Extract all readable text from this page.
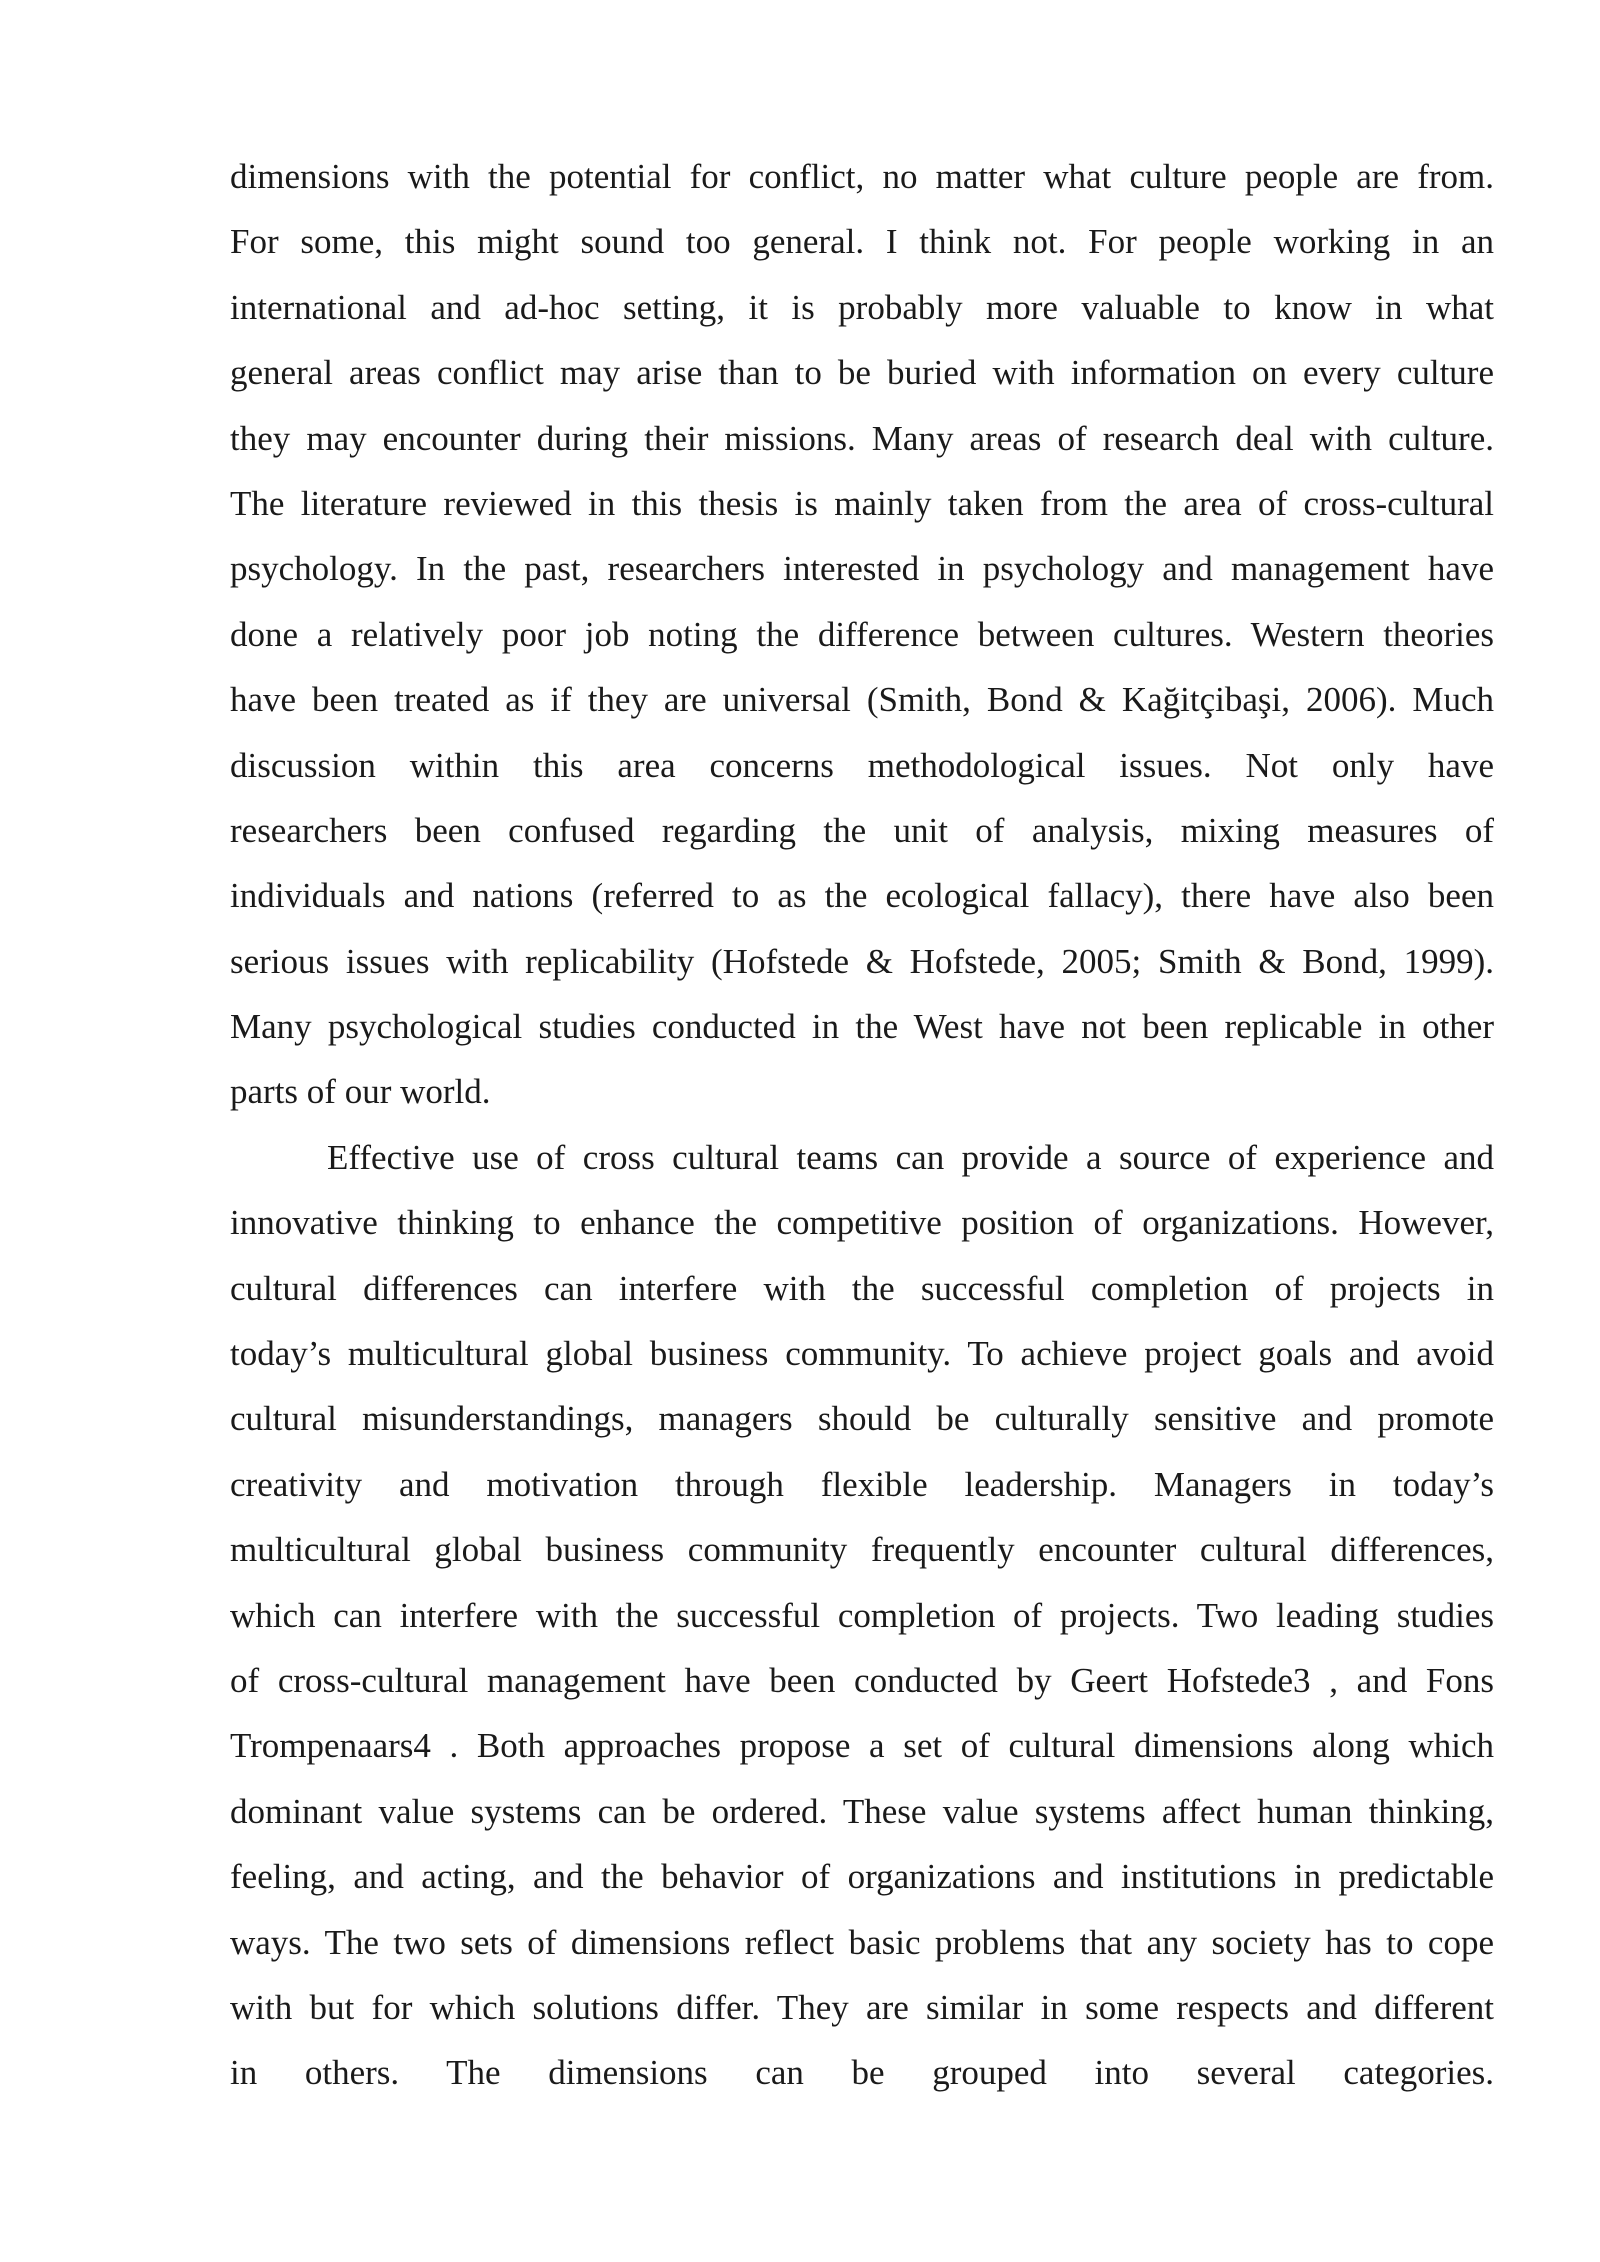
dimensions with the potential for conflict, no matter what culture people are from.
For some, this might sound too general. I think not. For people working in an
international and ad-hoc setting, it is probably more valuable to know in what
general areas conflict may arise than to be buried with information on every culture
they may encounter during their missions. Many areas of research deal with culture.
The literature reviewed in this thesis is mainly taken from the area of cross-cultural
psychology. In the past, researchers interested in psychology and management have
done a relatively poor job noting the difference between cultures. Western theories
have been treated as if they are universal (Smith, Bond & Kağitçibaşi, 2006). Much
discussion within this area concerns methodological issues. Not only have
researchers been confused regarding the unit of analysis, mixing measures of
individuals and nations (referred to as the ecological fallacy), there have also been
serious issues with replicability (Hofstede & Hofstede, 2005; Smith & Bond, 1999).
Many psychological studies conducted in the West have not been replicable in other
parts of our world.
Effective use of cross cultural teams can provide a source of experience and
innovative thinking to enhance the competitive position of organizations. However,
cultural differences can interfere with the successful completion of projects in
today’s multicultural global business community. To achieve project goals and avoid
cultural misunderstandings, managers should be culturally sensitive and promote
creativity and motivation through flexible leadership. Managers in today’s
multicultural global business community frequently encounter cultural differences,
which can interfere with the successful completion of projects. Two leading studies
of cross-cultural management have been conducted by Geert Hofstede3 , and Fons
Trompenaars4 . Both approaches propose a set of cultural dimensions along which
dominant value systems can be ordered. These value systems affect human thinking,
feeling, and acting, and the behavior of organizations and institutions in predictable
ways. The two sets of dimensions reflect basic problems that any society has to cope
with but for which solutions differ. They are similar in some respects and different
in others. The dimensions can be grouped into several categories.
